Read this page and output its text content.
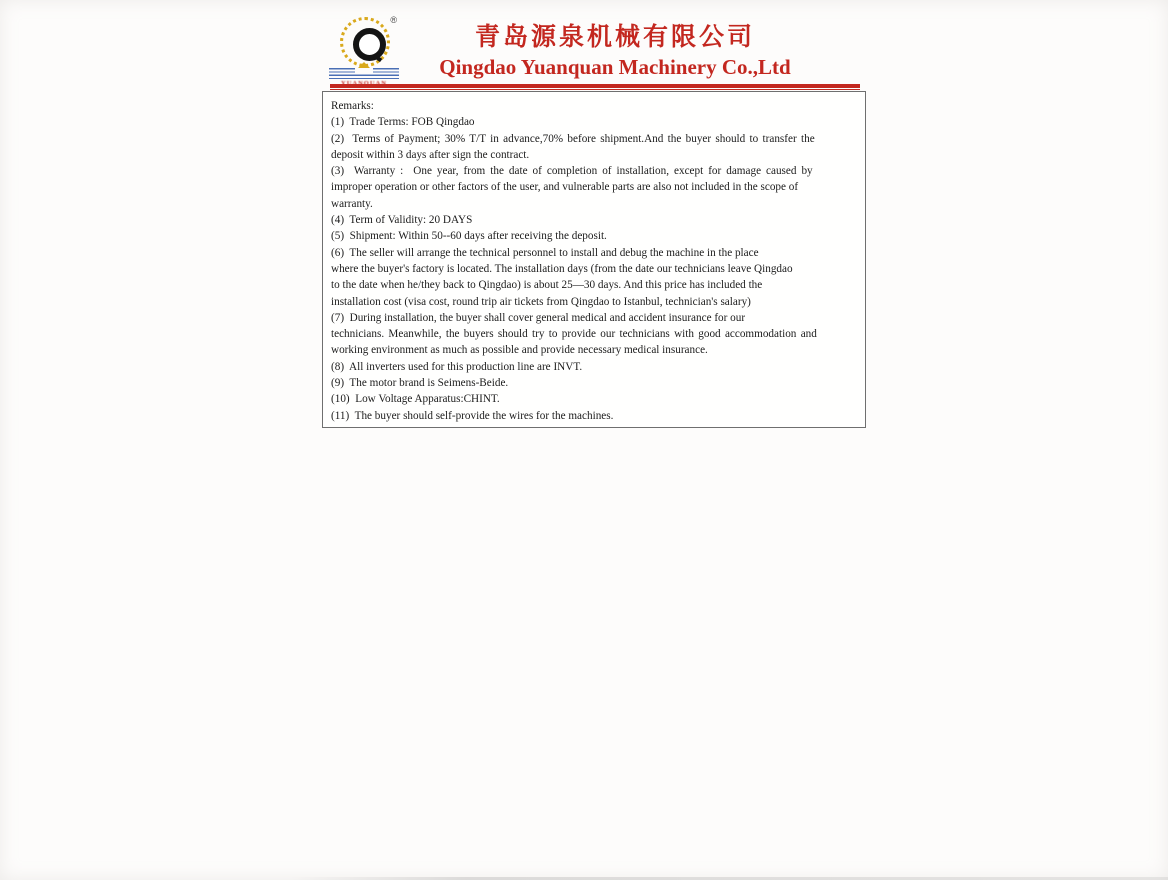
®
青岛源泉机械有限公司
Qingdao Yuanquan Machinery Co.,Ltd
Remarks:
(1)  Trade Terms: FOB Qingdao
(2)  Terms of Payment; 30% T/T in advance,70% before shipment.And the buyer should to transfer the
deposit within 3 days after sign the contract.
(3)  Warranty :  One year, from the date of completion of installation, except for damage caused by
improper operation or other factors of the user, and vulnerable parts are also not included in the scope of
warranty.
(4)  Term of Validity: 20 DAYS
(5)  Shipment: Within 50--60 days after receiving the deposit.
(6)  The seller will arrange the technical personnel to install and debug the machine in the place
where the buyer's factory is located. The installation days (from the date our technicians leave Qingdao
to the date when he/they back to Qingdao) is about 25—30 days. And this price has included the
installation cost (visa cost, round trip air tickets from Qingdao to Istanbul, technician's salary)
(7)  During installation, the buyer shall cover general medical and accident insurance for our
technicians. Meanwhile, the buyers should try to provide our technicians with good accommodation and
working environment as much as possible and provide necessary medical insurance.
(8)  All inverters used for this production line are INVT.
(9)  The motor brand is Seimens-Beide.
(10)  Low Voltage Apparatus:CHINT.
(11)  The buyer should self-provide the wires for the machines.
